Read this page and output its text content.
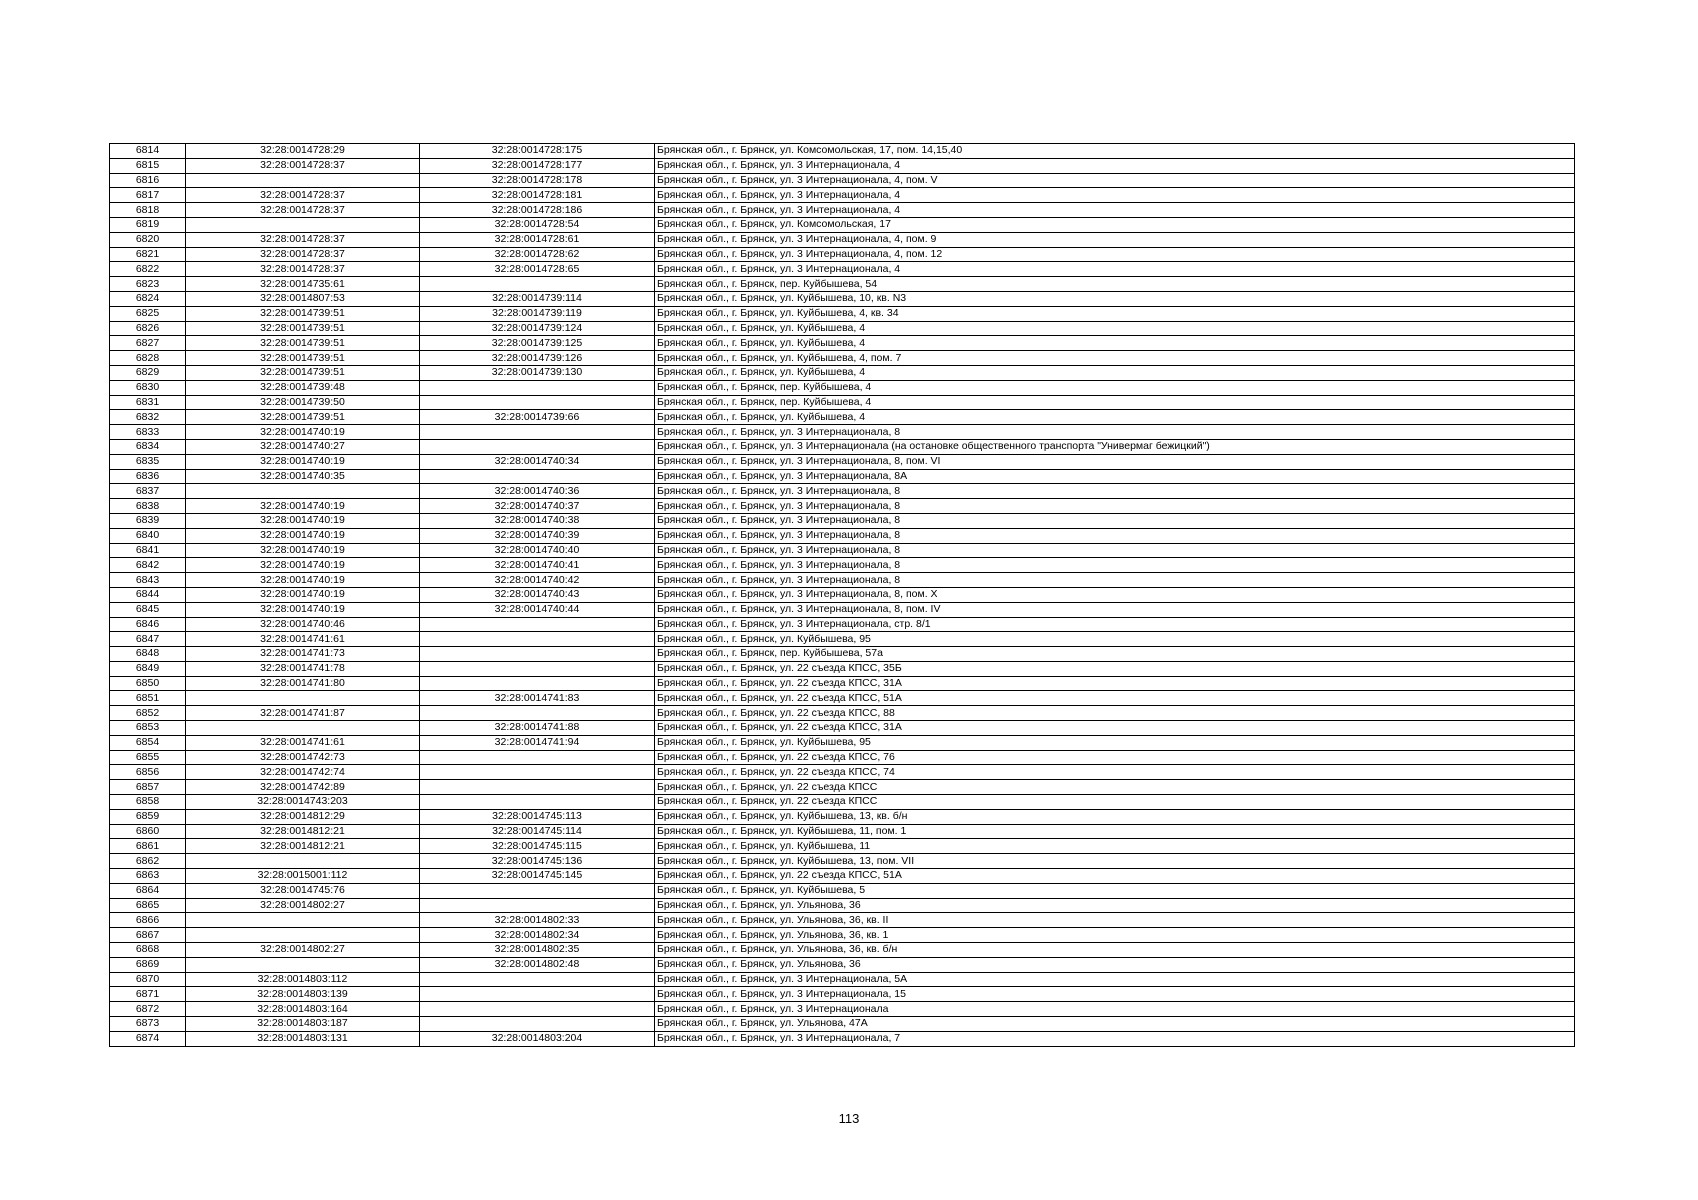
6814	32:28:0014728:29	32:28:0014728:175	Брянская обл., г. Брянск, ул. Комсомольская, 17, пом. 14,15,40
6815	32:28:0014728:37	32:28:0014728:177	Брянская обл., г. Брянск, ул. 3 Интернационала, 4
6816		32:28:0014728:178	Брянская обл., г. Брянск, ул. 3 Интернационала, 4, пом. V
6817	32:28:0014728:37	32:28:0014728:181	Брянская обл., г. Брянск, ул. 3 Интернационала, 4
6818	32:28:0014728:37	32:28:0014728:186	Брянская обл., г. Брянск, ул. 3 Интернационала, 4
6819		32:28:0014728:54	Брянская обл., г. Брянск, ул. Комсомольская, 17
6820	32:28:0014728:37	32:28:0014728:61	Брянская обл., г. Брянск, ул. 3 Интернационала, 4, пом. 9
6821	32:28:0014728:37	32:28:0014728:62	Брянская обл., г. Брянск, ул. 3 Интернационала, 4, пом. 12
6822	32:28:0014728:37	32:28:0014728:65	Брянская обл., г. Брянск, ул. 3 Интернационала, 4
6823	32:28:0014735:61		Брянская обл., г. Брянск, пер. Куйбышева, 54
6824	32:28:0014807:53	32:28:0014739:114	Брянская обл., г. Брянск, ул. Куйбышева, 10, кв. N3
6825	32:28:0014739:51	32:28:0014739:119	Брянская обл., г. Брянск, ул. Куйбышева, 4, кв. 34
6826	32:28:0014739:51	32:28:0014739:124	Брянская обл., г. Брянск, ул. Куйбышева, 4
6827	32:28:0014739:51	32:28:0014739:125	Брянская обл., г. Брянск, ул. Куйбышева, 4
6828	32:28:0014739:51	32:28:0014739:126	Брянская обл., г. Брянск, ул. Куйбышева, 4, пом. 7
6829	32:28:0014739:51	32:28:0014739:130	Брянская обл., г. Брянск, ул. Куйбышева, 4
6830	32:28:0014739:48		Брянская обл., г. Брянск, пер. Куйбышева, 4
6831	32:28:0014739:50		Брянская обл., г. Брянск, пер. Куйбышева, 4
6832	32:28:0014739:51	32:28:0014739:66	Брянская обл., г. Брянск, ул. Куйбышева, 4
6833	32:28:0014740:19		Брянская обл., г. Брянск, ул. 3 Интернационала, 8
6834	32:28:0014740:27		Брянская обл., г. Брянск, ул. 3 Интернационала (на остановке общественного транспорта "Универмаг бежицкий")
6835	32:28:0014740:19	32:28:0014740:34	Брянская обл., г. Брянск, ул. 3 Интернационала, 8, пом. VI
6836	32:28:0014740:35		Брянская обл., г. Брянск, ул. 3 Интернационала, 8А
6837		32:28:0014740:36	Брянская обл., г. Брянск, ул. 3 Интернационала, 8
6838	32:28:0014740:19	32:28:0014740:37	Брянская обл., г. Брянск, ул. 3 Интернационала, 8
6839	32:28:0014740:19	32:28:0014740:38	Брянская обл., г. Брянск, ул. 3 Интернационала, 8
6840	32:28:0014740:19	32:28:0014740:39	Брянская обл., г. Брянск, ул. 3 Интернационала, 8
6841	32:28:0014740:19	32:28:0014740:40	Брянская обл., г. Брянск, ул. 3 Интернационала, 8
6842	32:28:0014740:19	32:28:0014740:41	Брянская обл., г. Брянск, ул. 3 Интернационала, 8
6843	32:28:0014740:19	32:28:0014740:42	Брянская обл., г. Брянск, ул. 3 Интернационала, 8
6844	32:28:0014740:19	32:28:0014740:43	Брянская обл., г. Брянск, ул. 3 Интернационала, 8, пом. X
6845	32:28:0014740:19	32:28:0014740:44	Брянская обл., г. Брянск, ул. 3 Интернационала, 8, пом. IV
6846	32:28:0014740:46		Брянская обл., г. Брянск, ул. 3 Интернационала, стр. 8/1
6847	32:28:0014741:61		Брянская обл., г. Брянск, ул. Куйбышева, 95
6848	32:28:0014741:73		Брянская обл., г. Брянск, пер. Куйбышева, 57а
6849	32:28:0014741:78		Брянская обл., г. Брянск, ул. 22 съезда КПСС, 35Б
6850	32:28:0014741:80		Брянская обл., г. Брянск, ул. 22 съезда КПСС, 31А
6851		32:28:0014741:83	Брянская обл., г. Брянск, ул. 22 съезда КПСС, 51А
6852	32:28:0014741:87		Брянская обл., г. Брянск, ул. 22 съезда КПСС, 88
6853		32:28:0014741:88	Брянская обл., г. Брянск, ул. 22 съезда КПСС, 31А
6854	32:28:0014741:61	32:28:0014741:94	Брянская обл., г. Брянск, ул. Куйбышева, 95
6855	32:28:0014742:73		Брянская обл., г. Брянск, ул. 22 съезда КПСС, 76
6856	32:28:0014742:74		Брянская обл., г. Брянск, ул. 22 съезда КПСС, 74
6857	32:28:0014742:89		Брянская обл., г. Брянск, ул. 22 съезда КПСС
6858	32:28:0014743:203		Брянская обл., г. Брянск, ул. 22 съезда КПСС
6859	32:28:0014812:29	32:28:0014745:113	Брянская обл., г. Брянск, ул. Куйбышева, 13, кв. б/н
6860	32:28:0014812:21	32:28:0014745:114	Брянская обл., г. Брянск, ул. Куйбышева, 11, пом. 1
6861	32:28:0014812:21	32:28:0014745:115	Брянская обл., г. Брянск, ул. Куйбышева, 11
6862		32:28:0014745:136	Брянская обл., г. Брянск, ул. Куйбышева, 13, пом. VII
6863	32:28:0015001:112	32:28:0014745:145	Брянская обл., г. Брянск, ул. 22 съезда КПСС, 51А
6864	32:28:0014745:76		Брянская обл., г. Брянск, ул. Куйбышева, 5
6865	32:28:0014802:27		Брянская обл., г. Брянск, ул. Ульянова, 36
6866		32:28:0014802:33	Брянская обл., г. Брянск, ул. Ульянова, 36, кв. II
6867		32:28:0014802:34	Брянская обл., г. Брянск, ул. Ульянова, 36, кв. 1
6868	32:28:0014802:27	32:28:0014802:35	Брянская обл., г. Брянск, ул. Ульянова, 36, кв. б/н
6869		32:28:0014802:48	Брянская обл., г. Брянск, ул. Ульянова, 36
6870	32:28:0014803:112		Брянская обл., г. Брянск, ул. 3 Интернационала, 5А
6871	32:28:0014803:139		Брянская обл., г. Брянск, ул. 3 Интернационала, 15
6872	32:28:0014803:164		Брянская обл., г. Брянск, ул. 3 Интернационала
6873	32:28:0014803:187		Брянская обл., г. Брянск, ул. Ульянова, 47А
6874	32:28:0014803:131	32:28:0014803:204	Брянская обл., г. Брянск, ул. 3 Интернационала, 7
113
